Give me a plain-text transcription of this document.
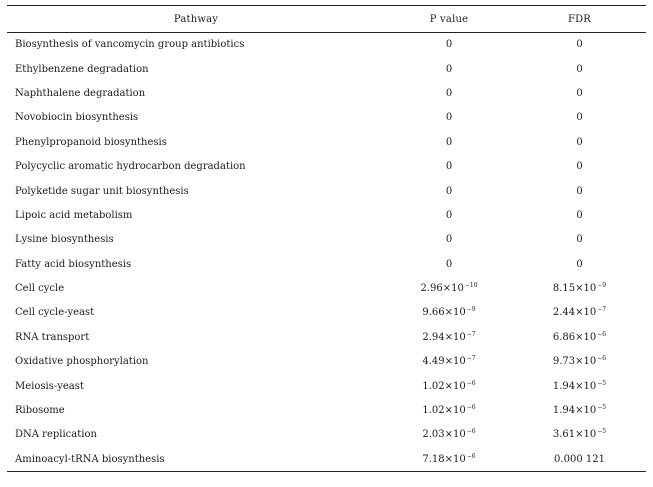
Pathway	P value	FDR
Biosynthesis of vancomycin group antibiotics	0	0
Ethylbenzene degradation	0	0
Naphthalene degradation	0	0
Novobiocin biosynthesis	0	0
Phenylpropanoid biosynthesis	0	0
Polycyclic aromatic hydrocarbon degradation	0	0
Polyketide sugar unit biosynthesis	0	0
Lipoic acid metabolism	0	0
Lysine biosynthesis	0	0
Fatty acid biosynthesis	0	0
Cell cycle	$2.96\times 10^{-10}$	$8.15\times 10^{-9}$
Cell cycle-yeast	$9.66\times 10^{-9}$	$2.44\times 10^{-7}$
RNA transport	$2.94\times 10^{-7}$	$6.86\times 10^{-6}$
Oxidative phosphorylation	$4.49\times 10^{-7}$	$9.73\times 10^{-6}$
Meiosis-yeast	$1.02\times 10^{-6}$	$1.94\times 10^{-5}$
Ribosome	$1.02\times 10^{-6}$	$1.94\times 10^{-5}$
DNA replication	$2.03\times 10^{-6}$	$3.61\times 10^{-5}$
Aminoacyl-tRNA biosynthesis	$7.18\times 10^{-6}$	0.000 121
